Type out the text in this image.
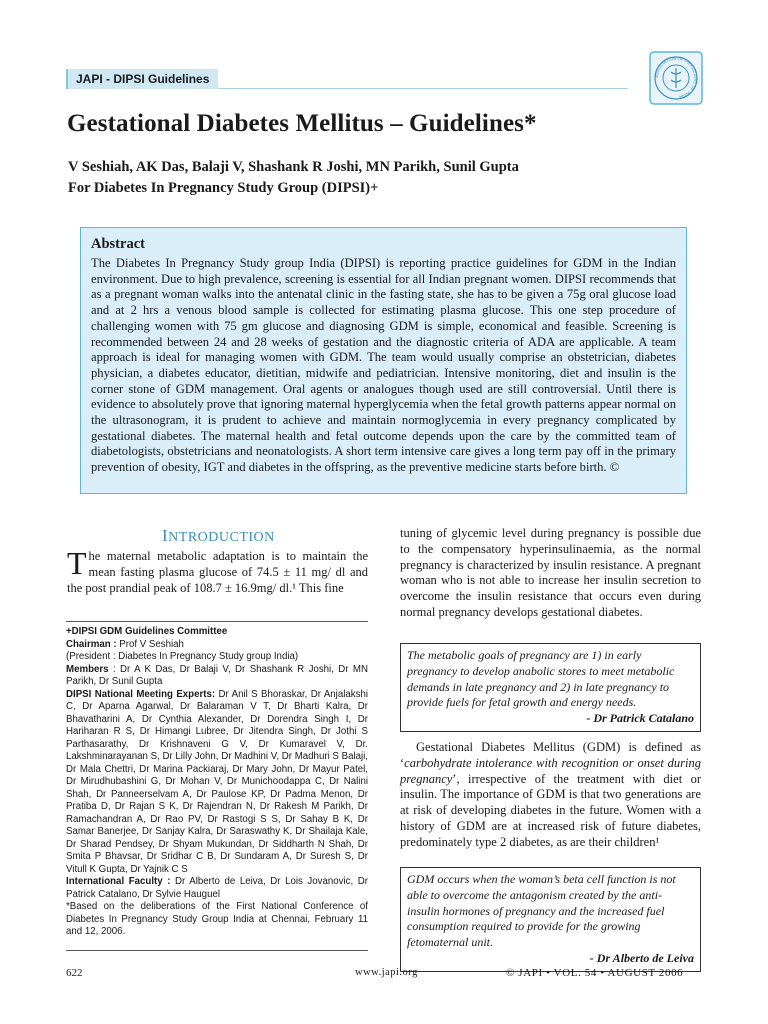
JAPI - DIPSI Guidelines	ASSOCIATION OF PHYSICIANS OF INDIA
Gestational Diabetes Mellitus – Guidelines*
V Seshiah, AK Das, Balaji V, Shashank R Joshi, MN Parikh, Sunil Gupta
For Diabetes In Pregnancy Study Group (DIPSI)+
Abstract

The Diabetes In Pregnancy Study group India (DIPSI) is reporting practice guidelines for GDM in the Indian environment. Due to high prevalence, screening is essential for all Indian pregnant women. DIPSI recommends that as a pregnant woman walks into the antenatal clinic in the fasting state, she has to be given a 75g oral glucose load and at 2 hrs a venous blood sample is collected for estimating plasma glucose. This one step procedure of challenging women with 75 gm glucose and diagnosing GDM is simple, economical and feasible. Screening is recommended between 24 and 28 weeks of gestation and the diagnostic criteria of ADA are applicable. A team approach is ideal for managing women with GDM. The team would usually comprise an obstetrician, diabetes physician, a diabetes educator, dietitian, midwife and pediatrician. Intensive monitoring, diet and insulin is the corner stone of GDM management. Oral agents or analogues though used are still controversial. Until there is evidence to absolutely prove that ignoring maternal hyperglycemia when the fetal growth patterns appear normal on the ultrasonogram, it is prudent to achieve and maintain normoglycemia in every pregnancy complicated by gestational diabetes. The maternal health and fetal outcome depends upon the care by the committed team of diabetologists, obstetricians and neonatologists. A short term intensive care gives a long term pay off in the primary prevention of obesity, IGT and diabetes in the offspring, as the preventive medicine starts before birth. ©

INTRODUCTION
The maternal metabolic adaptation is to maintain the mean fasting plasma glucose of 74.5 ± 11 mg/ dl and the post prandial peak of 108.7 ± 16.9mg/ dl.¹ This fine

+DIPSI GDM Guidelines Committee

Chairman : Prof V Seshiah

(President : Diabetes In Pregnancy Study group India)

Members : Dr A K Das, Dr Balaji V, Dr Shashank R Joshi, Dr MN Parikh, Dr Sunil Gupta

DIPSI National Meeting Experts: Dr Anil S Bhoraskar, Dr Anjalakshi C, Dr Aparna Agarwal, Dr Balaraman V T, Dr Bharti Kalra, Dr Bhavatharini A, Dr Cynthia Alexander, Dr Dorendra Singh I, Dr Hariharan R S, Dr Himangi Lubree, Dr Jitendra Singh, Dr Jothi S Parthasarathy, Dr Krishnaveni G V, Dr Kumaravel V, Dr. Lakshminarayanan S, Dr Lilly John, Dr Madhini V, Dr Madhuri S Balaji, Dr Mala Chettri, Dr Marina Packiaraj, Dr Mary John, Dr Mayur Patel, Dr Mirudhubashini G, Dr Mohan V, Dr Munichoodappa C, Dr Nalini Shah, Dr Panneerselvam A, Dr Paulose KP, Dr Padma Menon, Dr Pratiba D, Dr Rajan S K, Dr Rajendran N, Dr Rakesh M Parikh, Dr Ramachandran A, Dr Rao PV, Dr Rastogi S S, Dr Sahay B K, Dr Samar Banerjee, Dr Sanjay Kalra, Dr Saraswathy K, Dr Shailaja Kale, Dr Sharad Pendsey, Dr Shyam Mukundan, Dr Siddharth N Shah, Dr Smita P Bhavsar, Dr Sridhar C B, Dr Sundaram A, Dr Suresh S, Dr Vitull K Gupta, Dr Yajnik C S

International Faculty : Dr Alberto de Leiva, Dr Lois Jovanovic, Dr Patrick Catalano, Dr Sylvie Hauguel

*Based on the deliberations of the First National Conference of Diabetes In Pregnancy Study Group India at Chennai, February 11 and 12, 2006.

tuning of glycemic level during pregnancy is possible due to the compensatory hyperinsulinaemia, as the normal pregnancy is characterized by insulin resistance. A pregnant woman who is not able to increase her insulin secretion to overcome the insulin resistance that occurs even during normal pregnancy develops gestational diabetes.
The metabolic goals of pregnancy are 1) in early pregnancy to develop anabolic stores to meet metabolic demands in late pregnancy and 2) in late pregnancy to provide fuels for fetal growth and energy needs.
- Dr Patrick Catalano
Gestational Diabetes Mellitus (GDM) is defined as ‘carbohydrate intolerance with recognition or onset during pregnancy’, irrespective of the treatment with diet or insulin. The importance of GDM is that two generations are at risk of developing diabetes in the future. Women with a history of GDM are at increased risk of future diabetes, predominately type 2 diabetes, as are their children¹
GDM occurs when the woman’s beta cell function is not able to overcome the antagonism created by the anti-insulin hormones of pregnancy and the increased fuel consumption required to provide for the growing fetomaternal unit.
- Dr Alberto de Leiva
622	www.japi.org	© JAPI • VOL. 54 • AUGUST 2006
